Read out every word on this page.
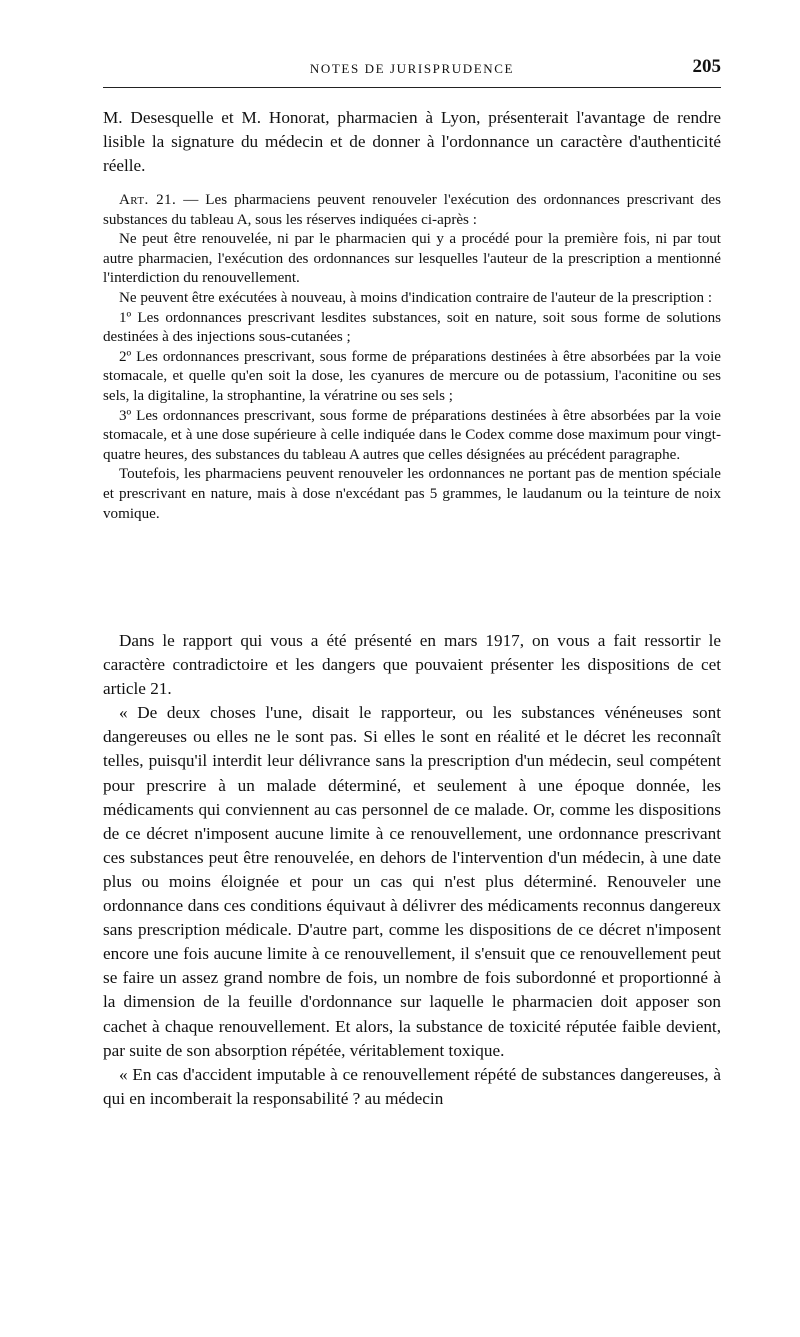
NOTES DE JURISPRUDENCE	205

M. Desesquelle et M. Honorat, pharmacien à Lyon, présenterait l'avantage de rendre lisible la signature du médecin et de donner à l'ordonnance un caractère d'authenticité réelle.

Art. 21. — Les pharmaciens peuvent renouveler l'exécution des ordonnances prescrivant des substances du tableau A, sous les réserves indiquées ci-après :

Ne peut être renouvelée, ni par le pharmacien qui y a procédé pour la première fois, ni par tout autre pharmacien, l'exécution des ordonnances sur lesquelles l'auteur de la prescription a mentionné l'interdiction du renouvellement.

Ne peuvent être exécutées à nouveau, à moins d'indication contraire de l'auteur de la prescription :

1º Les ordonnances prescrivant lesdites substances, soit en nature, soit sous forme de solutions destinées à des injections sous-cutanées ;

2º Les ordonnances prescrivant, sous forme de préparations destinées à être absorbées par la voie stomacale, et quelle qu'en soit la dose, les cyanures de mercure ou de potassium, l'aconitine ou ses sels, la digitaline, la strophantine, la vératrine ou ses sels ;

3º Les ordonnances prescrivant, sous forme de préparations destinées à être absorbées par la voie stomacale, et à une dose supérieure à celle indiquée dans le Codex comme dose maximum pour vingt-quatre heures, des substances du tableau A autres que celles désignées au précédent paragraphe.

Toutefois, les pharmaciens peuvent renouveler les ordonnances ne portant pas de mention spéciale et prescrivant en nature, mais à dose n'excédant pas 5 grammes, le laudanum ou la teinture de noix vomique.

Dans le rapport qui vous a été présenté en mars 1917, on vous a fait ressortir le caractère contradictoire et les dangers que pouvaient présenter les dispositions de cet article 21.

« De deux choses l'une, disait le rapporteur, ou les substances vénéneuses sont dangereuses ou elles ne le sont pas. Si elles le sont en réalité et le décret les reconnaît telles, puisqu'il interdit leur délivrance sans la prescription d'un médecin, seul compétent pour prescrire à un malade déterminé, et seulement à une époque donnée, les médicaments qui conviennent au cas personnel de ce malade. Or, comme les dispositions de ce décret n'imposent aucune limite à ce renouvellement, une ordonnance prescrivant ces substances peut être renouvelée, en dehors de l'intervention d'un médecin, à une date plus ou moins éloignée et pour un cas qui n'est plus déterminé. Renouveler une ordonnance dans ces conditions équivaut à délivrer des médicaments reconnus dangereux sans prescription médicale. D'autre part, comme les dispositions de ce décret n'imposent encore une fois aucune limite à ce renouvellement, il s'ensuit que ce renouvellement peut se faire un assez grand nombre de fois, un nombre de fois subordonné et proportionné à la dimension de la feuille d'ordonnance sur laquelle le pharmacien doit apposer son cachet à chaque renouvellement. Et alors, la substance de toxicité réputée faible devient, par suite de son absorption répétée, véritablement toxique.

« En cas d'accident imputable à ce renouvellement répété de substances dangereuses, à qui en incomberait la responsabilité ? au médecin
